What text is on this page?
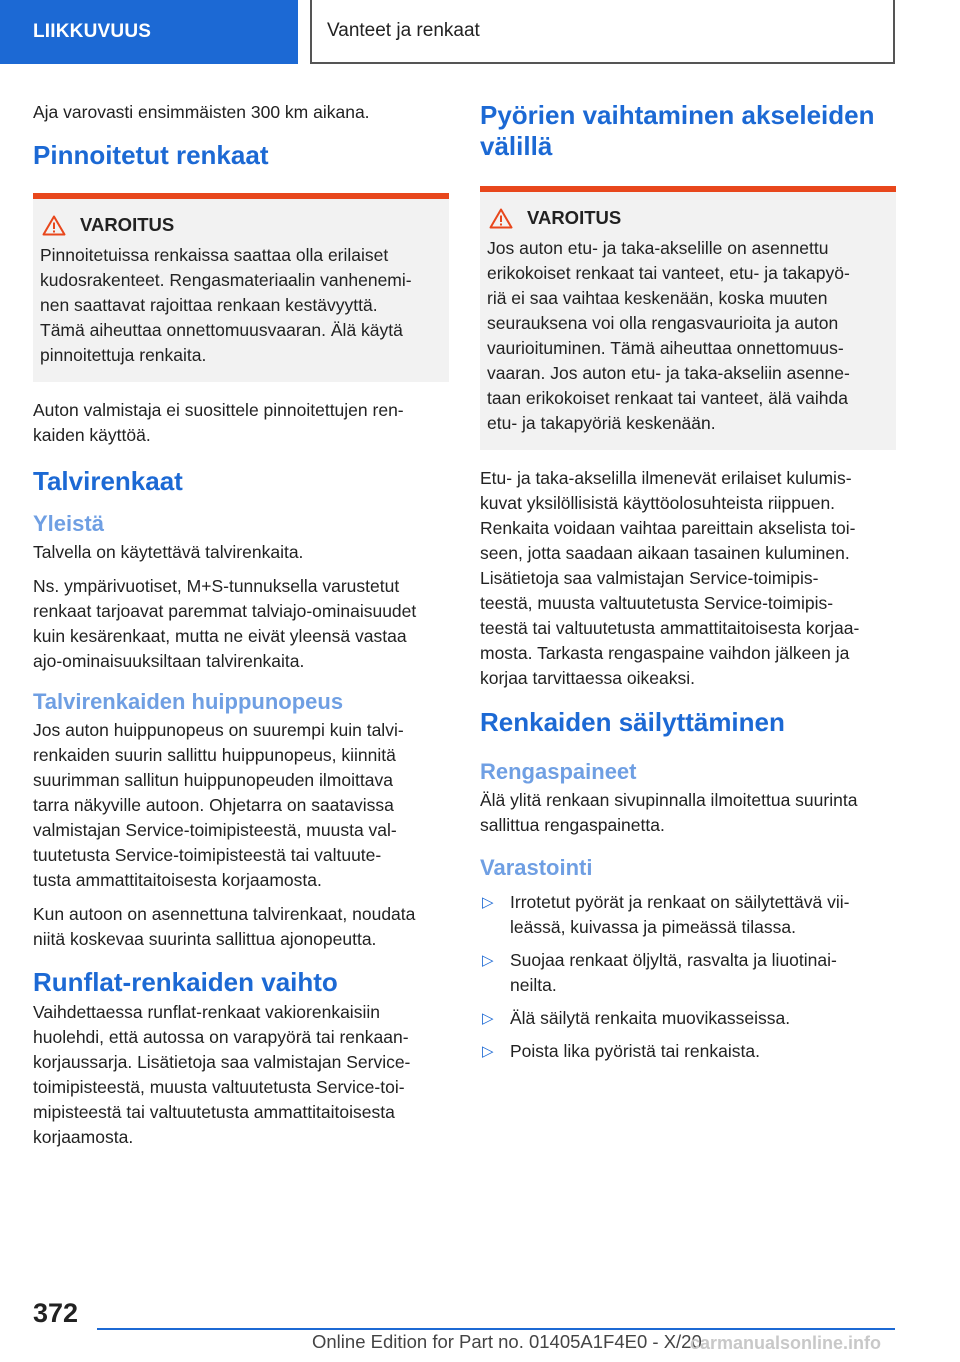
LIIKKUVUUS	Vanteet ja renkaat

Aja varovasti ensimmäisten 300 km aikana.

Pinnoitetut renkaat
VAROITUS
Pinnoitetuissa renkaissa saattaa olla erilaiset
kudosrakenteet. Rengasmateriaalin vanhenemi-
nen saattavat rajoittaa renkaan kestävyyttä.
Tämä aiheuttaa onnettomuusvaaran. Älä käytä
pinnoitettuja renkaita.

Auton valmistaja ei suosittele pinnoitettujen ren-
kaiden käyttöä.

Talvirenkaat
Yleistä

Talvella on käytettävä talvirenkaita.

Ns. ympärivuotiset, M+S-tunnuksella varustetut
renkaat tarjoavat paremmat talviajo-ominaisuudet
kuin kesärenkaat, mutta ne eivät yleensä vastaa
ajo-ominaisuuksiltaan talvirenkaita.

Talvirenkaiden huippunopeus

Jos auton huippunopeus on suurempi kuin talvi-
renkaiden suurin sallittu huippunopeus, kiinnitä
suurimman sallitun huippunopeuden ilmoittava
tarra näkyville autoon. Ohjetarra on saatavissa
valmistajan Service-toimipisteestä, muusta val-
tuutetusta Service-toimipisteestä tai valtuute-
tusta ammattitaitoisesta korjaamosta.

Kun autoon on asennettuna talvirenkaat, noudata
niitä koskevaa suurinta sallittua ajonopeutta.

Runflat-renkaiden vaihto

Vaihdettaessa runflat-renkaat vakiorenkaisiin
huolehdi, että autossa on varapyörä tai renkaan-
korjaussarja. Lisätietoja saa valmistajan Service-
toimipisteestä, muusta valtuutetusta Service-toi-
mipisteestä tai valtuutetusta ammattitaitoisesta
korjaamosta.

Pyörien vaihtaminen akseleiden
välillä
VAROITUS
Jos auton etu- ja taka-akselille on asennettu
erikokoiset renkaat tai vanteet, etu- ja takapyö-
riä ei saa vaihtaa keskenään, koska muuten
seurauksena voi olla rengasvaurioita ja auton
vaurioituminen. Tämä aiheuttaa onnettomuus-
vaaran. Jos auton etu- ja taka-akseliin asenne-
taan erikokoiset renkaat tai vanteet, älä vaihda
etu- ja takapyöriä keskenään.

Etu- ja taka-akselilla ilmenevät erilaiset kulumis-
kuvat yksilöllisistä käyttöolosuhteista riippuen.
Renkaita voidaan vaihtaa pareittain akselista toi-
seen, jotta saadaan aikaan tasainen kuluminen.
Lisätietoja saa valmistajan Service-toimipis-
teestä, muusta valtuutetusta Service-toimipis-
teestä tai valtuutetusta ammattitaitoisesta korjaa-
mosta. Tarkasta rengaspaine vaihdon jälkeen ja
korjaa tarvittaessa oikeaksi.

Renkaiden säilyttäminen
Rengaspaineet

Älä ylitä renkaan sivupinnalla ilmoitettua suurinta
sallittua rengaspainetta.

Varastointi
▷ Irrotetut pyörät ja renkaat on säilytettävä vii-
leässä, kuivassa ja pimeässä tilassa.
▷ Suojaa renkaat öljyltä, rasvalta ja liuotinai-
neilta.
▷ Älä säilytä renkaita muovikasseissa.
▷ Poista lika pyöristä tai renkaista.
372
Online Edition for Part no. 01405A1F4E0 - X/20
carmanualsonline.info
